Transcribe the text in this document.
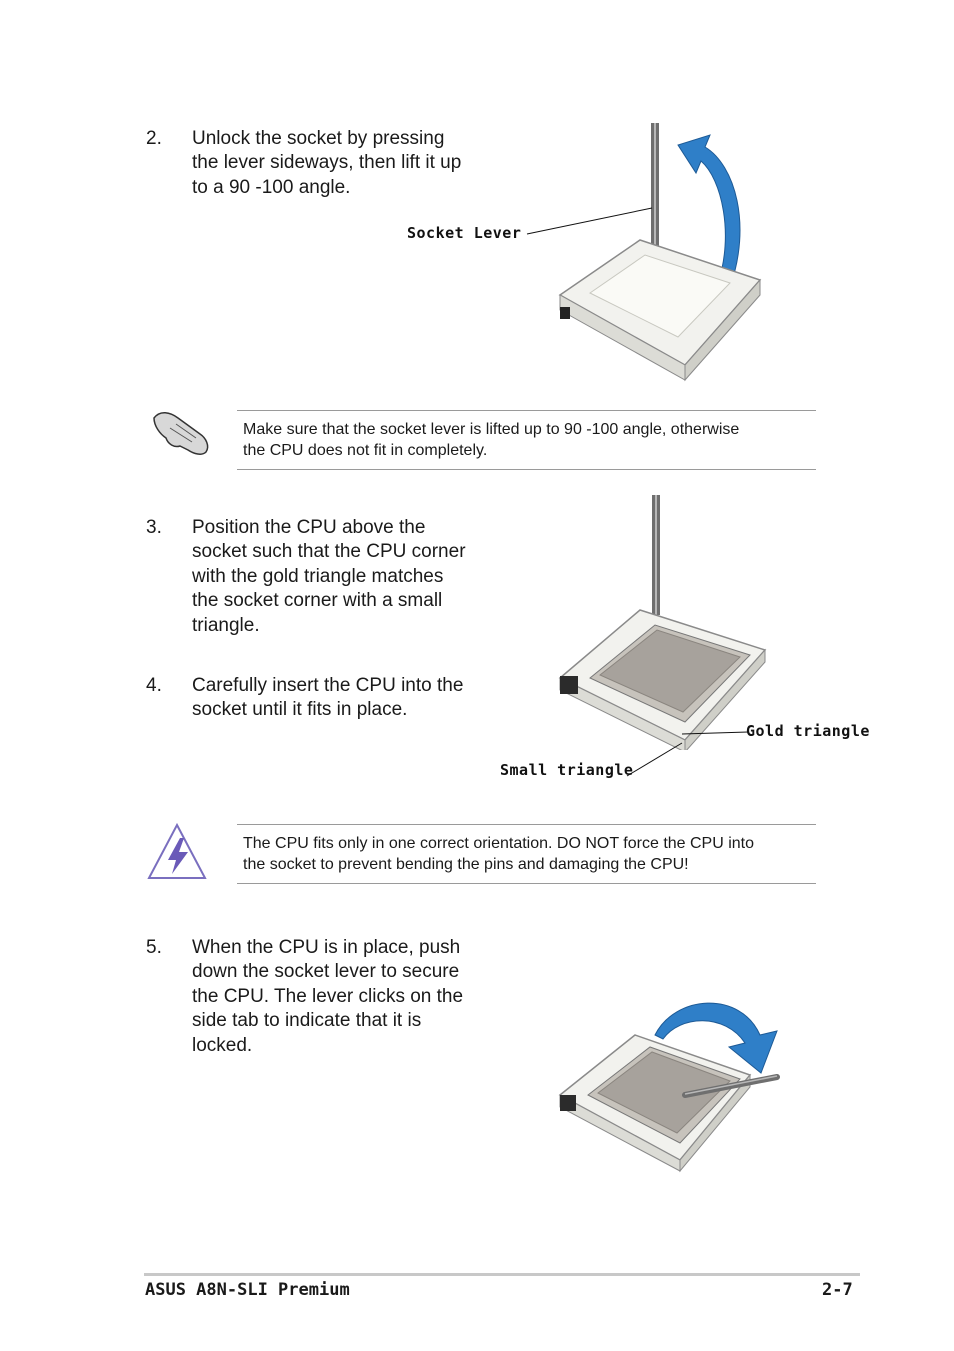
2.	Unlock the socket by pressing
the lever sideways, then lift it up
to a 90 -100 angle.
Socket Lever
Make sure that the socket lever is lifted up to 90 -100 angle, otherwise
the CPU does not fit in completely.
3.	Position the CPU above the
socket such that the CPU corner
with the gold triangle matches
the socket corner with a small
triangle.
4.	Carefully insert the CPU into the
socket until it fits in place.
Gold triangle
Small triangle
The CPU fits only in one correct orientation. DO NOT force the CPU into
the socket to prevent bending the pins and damaging the CPU!
5.	When the CPU is in place, push
down the socket lever to secure
the CPU. The lever clicks on the
side tab to indicate that it is
locked.
ASUS A8N-SLI Premium	2-7
